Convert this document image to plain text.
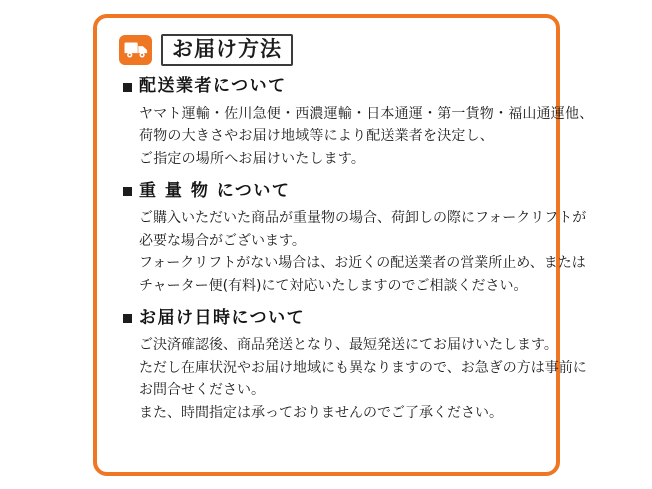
お届け方法
配送業者について
ヤマト運輸・佐川急便・西濃運輸・日本通運・第一貨物・福山通運他、
荷物の大きさやお届け地域等により配送業者を決定し、
ご指定の場所へお届けいたします。
重 量 物 について
ご購入いただいた商品が重量物の場合、荷卸しの際にフォークリフトが
必要な場合がございます。
フォークリフトがない場合は、お近くの配送業者の営業所止め、または
チャーター便(有料)にて対応いたしますのでご相談ください。
お届け日時について
ご決済確認後、商品発送となり、最短発送にてお届けいたします。
ただし在庫状況やお届け地域にも異なりますので、お急ぎの方は事前に
お問合せください。
また、時間指定は承っておりませんのでご了承ください。
